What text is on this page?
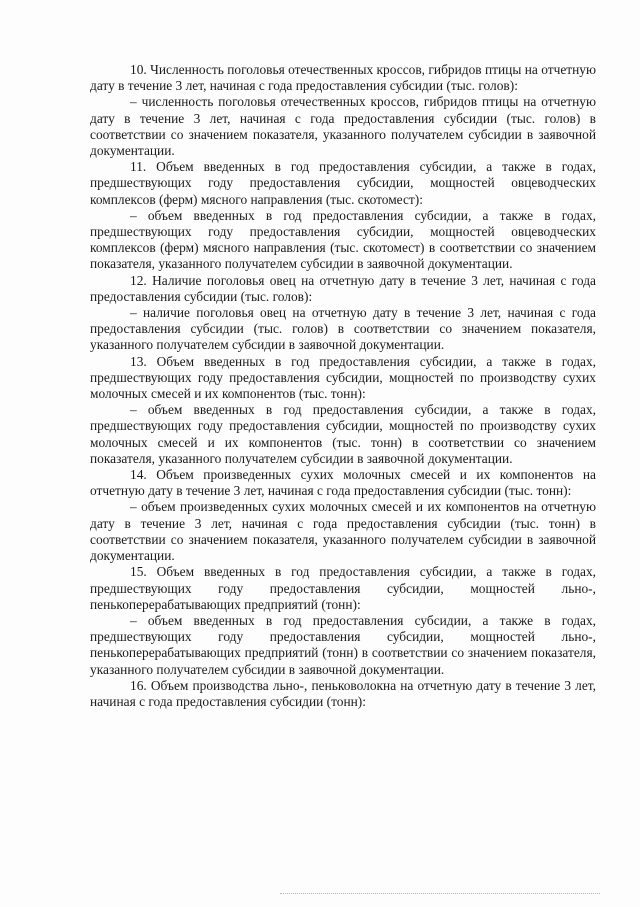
10. Численность поголовья отечественных кроссов, гибридов птицы на отчетную дату в течение 3 лет, начиная с года предоставления субсидии (тыс. голов):

– численность поголовья отечественных кроссов, гибридов птицы на отчетную дату в течение 3 лет, начиная с года предоставления субсидии (тыс. голов) в соответствии со значением показателя, указанного получателем субсидии в заявочной документации.

11. Объем введенных в год предоставления субсидии, а также в годах, предшествующих году предоставления субсидии, мощностей овцеводческих комплексов (ферм) мясного направления (тыс. скотомест):

– объем введенных в год предоставления субсидии, а также в годах, предшествующих году предоставления субсидии, мощностей овцеводческих комплексов (ферм) мясного направления (тыс. скотомест) в соответствии со значением показателя, указанного получателем субсидии в заявочной документации.

12. Наличие поголовья овец на отчетную дату в течение 3 лет, начиная с года предоставления субсидии (тыс. голов):

– наличие поголовья овец на отчетную дату в течение 3 лет, начиная с года предоставления субсидии (тыс. голов) в соответствии со значением показателя, указанного получателем субсидии в заявочной документации.

13. Объем введенных в год предоставления субсидии, а также в годах, предшествующих году предоставления субсидии, мощностей по производству сухих молочных смесей и их компонентов (тыс. тонн):

– объем введенных в год предоставления субсидии, а также в годах, предшествующих году предоставления субсидии, мощностей по производству сухих молочных смесей и их компонентов (тыс. тонн) в соответствии со значением показателя, указанного получателем субсидии в заявочной документации.

14. Объем произведенных сухих молочных смесей и их компонентов на отчетную дату в течение 3 лет, начиная с года предоставления субсидии (тыс. тонн):

– объем произведенных сухих молочных смесей и их компонентов на отчетную дату в течение 3 лет, начиная с года предоставления субсидии (тыс. тонн) в соответствии со значением показателя, указанного получателем субсидии в заявочной документации.

15. Объем введенных в год предоставления субсидии, а также в годах, предшествующих году предоставления субсидии, мощностей льно-, пенькоперерабатывающих предприятий (тонн):

– объем введенных в год предоставления субсидии, а также в годах, предшествующих году предоставления субсидии, мощностей льно-, пенькоперерабатывающих предприятий (тонн) в соответствии со значением показателя, указанного получателем субсидии в заявочной документации.

16. Объем производства льно-, пеньковолокна на отчетную дату в течение 3 лет, начиная с года предоставления субсидии (тонн):
